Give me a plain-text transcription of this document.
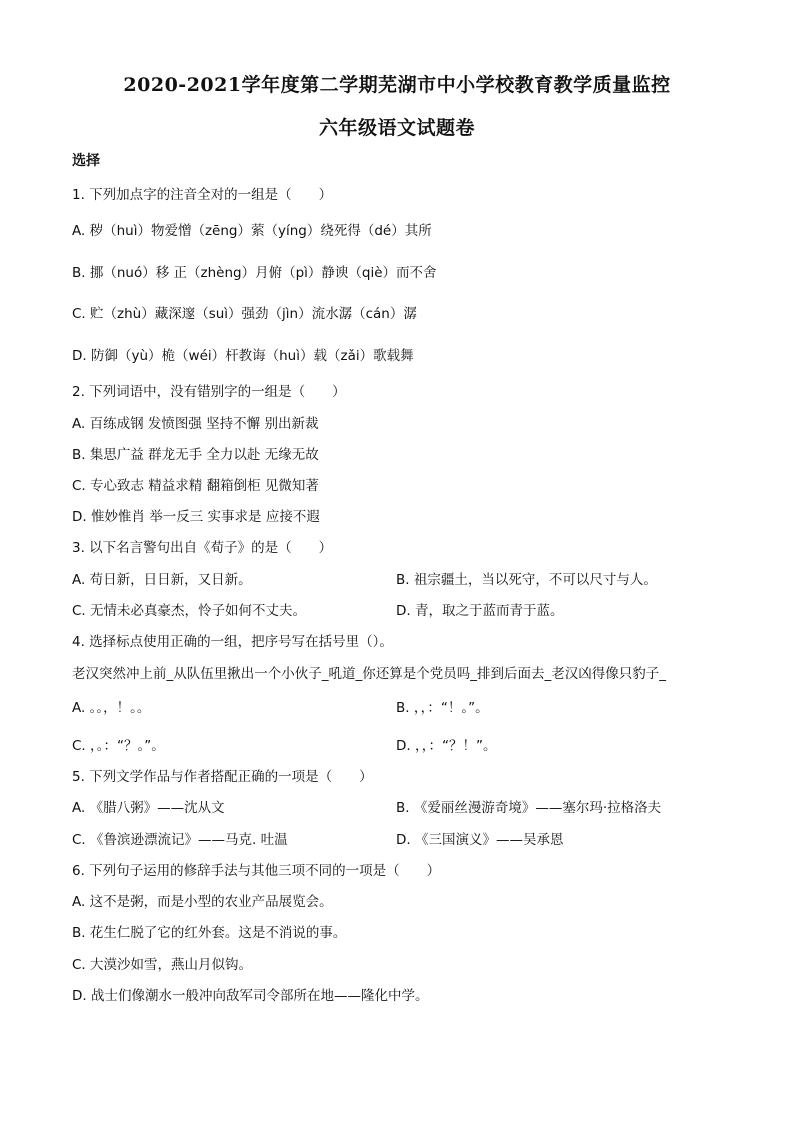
2020-2021学年度第二学期芜湖市中小学校教育教学质量监控
六年级语文试题卷
选择
1. 下列加点字的注音全对的一组是（　　）
A. 秽（huì）物爱憎（zēng）萦（yíng）绕死得（dé）其所
B. 挪（nuó）移 正（zhèng）月俯（pì）静谀（qiè）而不舍
C. 贮（zhù）藏深邃（suì）强劲（jìn）流水潺（cán）潺
D. 防御（yù）桅（wéi）杆教诲（huì）载（zǎi）歌载舞
2. 下列词语中，没有错别字的一组是（　　）
A. 百练成钢 发愤图强 坚持不懈 别出新裁
B. 集思广益 群龙无手 全力以赴 无缘无故
C. 专心致志 精益求精 翻箱倒柜 见微知著
D. 惟妙惟肖 举一反三 实事求是 应接不遐
3. 以下名言警句出自《荀子》的是（　　）
A. 苟日新，日日新，又日新。	B. 祖宗疆土，当以死守，不可以尺寸与人。
C. 无情未必真豪杰，怜子如何不丈夫。	D. 青，取之于蓝而青于蓝。
4. 选择标点使用正确的一组，把序号写在括号里（）。
老汉突然冲上前_从队伍里揪出一个小伙子_吼道_你还算是个党员吗_排到后面去_老汉凶得像只豹子_
A. 。。，！。。	B. ，，：“！。”。
C. ，。：“？。”。	D. ，，：“？！”。
5. 下列文学作品与作者搭配正确的一项是（　　）
A. 《腊八粥》——沈从文	B. 《爱丽丝漫游奇境》——塞尔玛·拉格洛夫
C. 《鲁滨逊漂流记》——马克. 吐温	D. 《三国演义》——吴承恩
6. 下列句子运用的修辞手法与其他三项不同的一项是（　　）
A. 这不是粥，而是小型的农业产品展览会。
B. 花生仁脱了它的红外套。这是不消说的事。
C. 大漠沙如雪，燕山月似钩。
D. 战士们像潮水一般冲向敌军司令部所在地——隆化中学。
